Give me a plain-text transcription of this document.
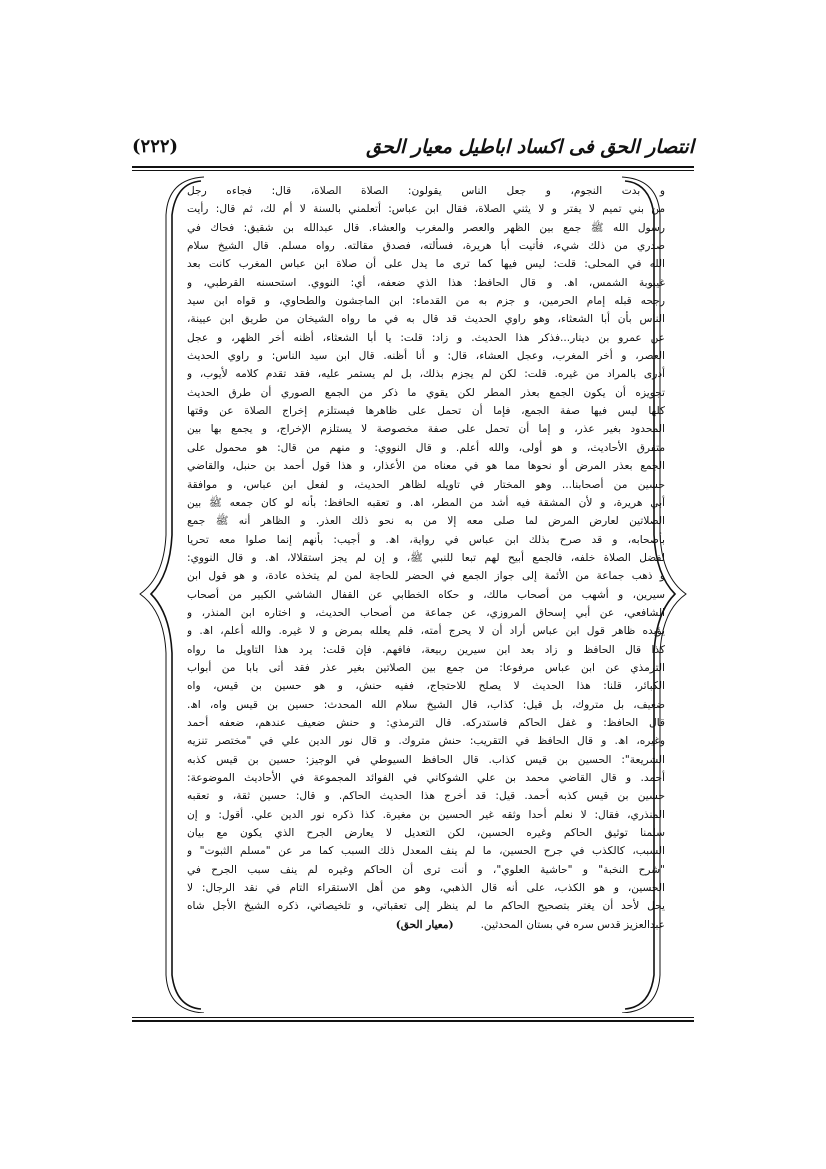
انتصار الحق فی اکساد اباطیل معیار الحق
(٢٢٢)
و بدت النجوم، و جعل الناس يقولون: الصلاة الصلاة، قال: فجاءه رجل
من بني تميم لا يفتر و لا يثني الصلاة، فقال ابن عباس: أتعلمني بالسنة لا أم لك، ثم قال: رأيت
رسول الله ﷺ جمع بين الظهر والعصر والمغرب والعشاء. قال عبدالله بن شقيق: فحاك في
صدري من ذلك شيء، فأتيت أبا هريرة، فسألته، فصدق مقالته. رواه مسلم. قال الشيخ سلام
الله في المحلى: قلت: ليس فيها كما ترى ما يدل على أن صلاة ابن عباس المغرب كانت بعد
غيبوبة الشمس، اھ. و قال الحافظ: هذا الذي ضعفه، أي: النووي. استحسنه القرطبي، و
رجحه قبله إمام الحرمين، و جزم به من القدماء: ابن الماجشون والطحاوي، و قواه ابن سيد
الناس بأن أبا الشعثاء، وهو راوي الحديث قد قال به في ما رواه الشيخان من طريق ابن عيينة،
عن عمرو بن دينار...فذكر هذا الحديث. و زاد: قلت: يا أبا الشعثاء، أظنه أخر الظهر، و عجل
العصر، و أخر المغرب، وعجل العشاء، قال: و أنا أظنه. قال ابن سيد الناس: و راوي الحديث
أدرى بالمراد من غيره. قلت: لكن لم يجزم بذلك، بل لم يستمر عليه، فقد تقدم كلامه لأيوب، و
تجويزه أن يكون الجمع بعذر المطر لكن يقوي ما ذكر من الجمع الصوري أن طرق الحديث
كلها ليس فيها صفة الجمع، فإما أن تحمل على ظاهرها فيستلزم إخراج الصلاة عن وقتها
المحدود بغير عذر، و إما أن تحمل على صفة مخصوصة لا يستلزم الإخراج، و يجمع بها بين
متفرق الأحاديث، و هو أولى، والله أعلم. و قال النووي: و منهم من قال: هو محمول على
الجمع بعذر المرض أو نحوها مما هو في معناه من الأعذار، و هذا قول أحمد بن حنبل، والقاضي
حسين من أصحابنا... وهو المختار في تاويله لظاهر الحديث، و لفعل ابن عباس، و موافقة
أبي هريرة، و لأن المشقة فيه أشد من المطر، اھ. و تعقبه الحافظ: بأنه لو كان جمعه ﷺ بين
الصلاتين لعارض المرض لما صلى معه إلا من به نحو ذلك العذر. و الظاهر أنه ﷺ جمع
بأصحابه، و قد صرح بذلك ابن عباس في رواية، اھ. و أجيب: بأنهم إنما صلوا معه تحريا
لفضل الصلاة خلفه، فالجمع أبيح لهم تبعا للنبي ﷺ، و إن لم يجز استقلالا، اھ. و قال النووي:
و ذهب جماعة من الأئمة إلى جواز الجمع في الحضر للحاجة لمن لم يتخذه عادة، و هو قول ابن
سيرين، و أشهب من أصحاب مالك، و حكاه الخطابي عن القفال الشاشي الكبير من أصحاب
الشافعي، عن أبي إسحاق المروزي، عن جماعة من أصحاب الحديث، و اختاره ابن المنذر، و
يؤيده ظاهر قول ابن عباس أراد أن لا يحرج أمته، فلم يعلله بمرض و لا غيره. والله أعلم، اھ. و
كذا قال الحافظ و زاد بعد ابن سيرين ربيعة، فافهم. فإن قلت: يرد هذا التاويل ما رواه
الترمذي عن ابن عباس مرفوعا: من جمع بين الصلاتين بغير عذر فقد أتى بابا من أبواب
الكبائر، قلنا: هذا الحديث لا يصلح للاحتجاج، ففيه حنش، و هو حسين بن قيس، واه
ضعيف، بل متروك، بل قيل: كذاب، قال الشيخ سلام الله المحدث: حسين بن قيس واه، اھ.
قال الحافظ: و غفل الحاكم فاستدركه. قال الترمذي: و حنش ضعيف عندهم، ضعفه أحمد
وغيره، اھ. و قال الحافظ في التقريب: حنش متروك. و قال نور الدين علي في "مختصر تنزيه
الشريعة": الحسين بن قيس كذاب. قال الحافظ السيوطي في الوجيز: حسين بن قيس كذبه
أحمد. و قال القاضي محمد بن علي الشوكاني في الفوائد المجموعة في الأحاديث الموضوعة:
حسين بن قيس كذبه أحمد. قيل: قد أخرج هذا الحديث الحاكم. و قال: حسين ثقة، و تعقبه
المنذري، فقال: لا نعلم أحدا وثقه غير الحسين بن مغيرة. كذا ذكره نور الدين علي. أقول: و إن
سلمنا توثيق الحاكم وغيره الحسين، لكن التعديل لا يعارض الجرح الذي يكون مع بيان
السبب، كالكذب في جرح الحسين، ما لم ينف المعدل ذلك السبب كما مر عن "مسلم الثبوت" و
"شرح النخبة" و "حاشية العلوي"، و أنت ترى أن الحاكم وغيره لم ينف سبب الجرح في
الحسين، و هو الكذب، على أنه قال الذهبي، وهو من أهل الاستقراء التام في نقد الرجال: لا
يحل لأحد أن يغتر بتصحيح الحاكم ما لم ينظر إلى تعقباتي، و تلخيصاتي، ذكره الشيخ الأجل شاه
عبدالعزيز قدس سره في بستان المحدثين.        (معیار الحق)
